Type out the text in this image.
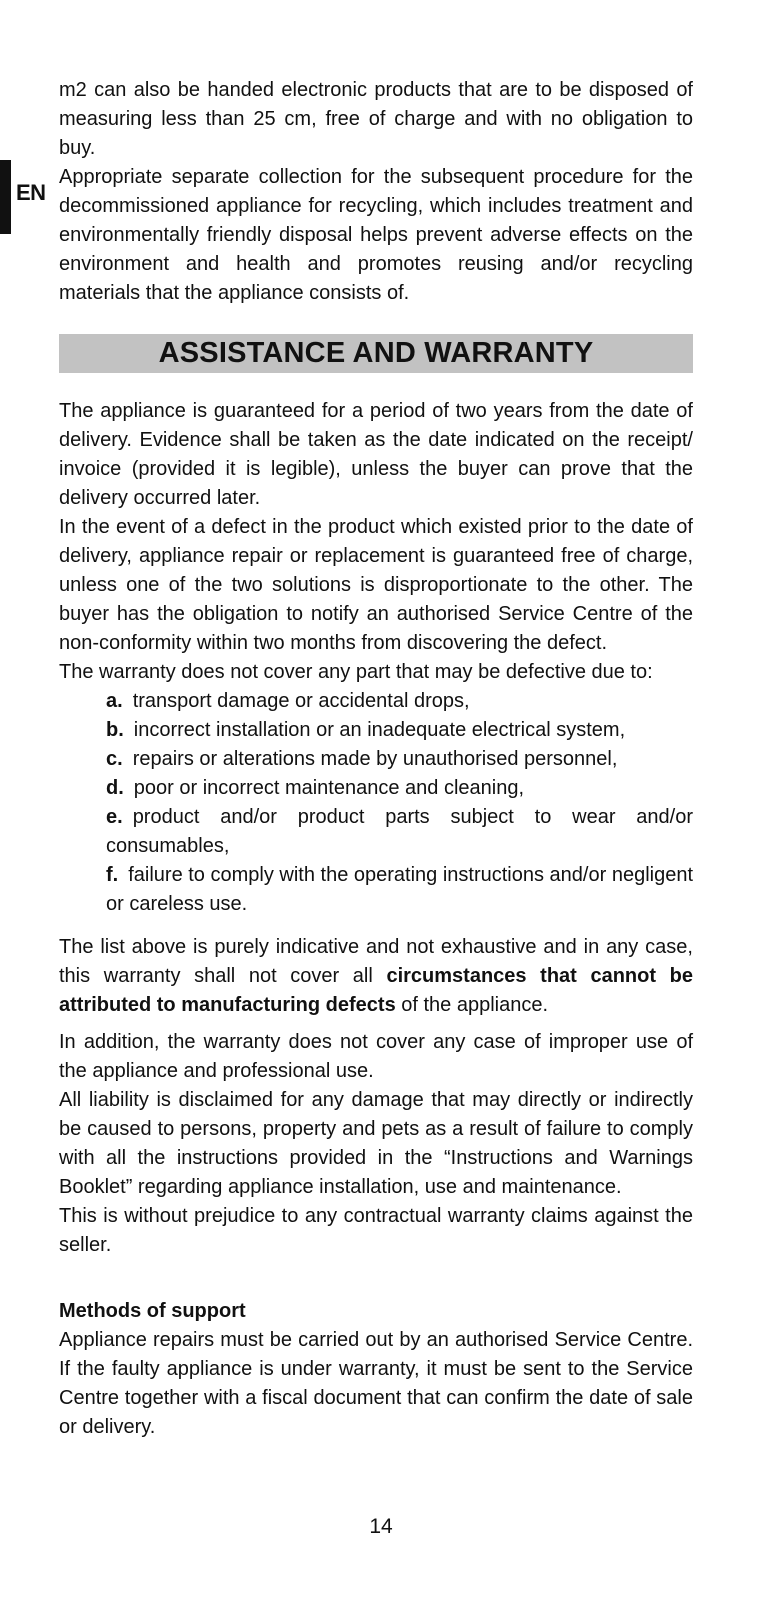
EN

m2 can also be handed electronic products that are to be disposed of measuring less than 25 cm, free of charge and with no obligation to buy.

Appropriate separate collection for the subsequent procedure for the decommissioned appliance for recycling, which includes treatment and environmentally friendly disposal helps prevent adverse effects on the environment and health and promotes reusing and/or recycling materials that the appliance consists of.

ASSISTANCE AND WARRANTY

The appliance is guaranteed for a period of two years from the date of delivery. Evidence shall be taken as the date indicated on the receipt/ invoice (provided it is legible), unless the buyer can prove that the delivery occurred later.

In the event of a defect in the product which existed prior to the date of delivery, appliance repair or replacement is guaranteed free of charge, unless one of the two solutions is disproportionate to the other. The buyer has the obligation to notify an authorised Service Centre of the non-conformity within two months from discovering the defect.

The warranty does not cover any part that may be defective due to:

a. transport damage or accidental drops,
b. incorrect installation or an inadequate electrical system,
c. repairs or alterations made by unauthorised personnel,
d. poor or incorrect maintenance and cleaning,
e. product and/or product parts subject to wear and/or consumables,
f. failure to comply with the operating instructions and/or negligent or careless use.

The list above is purely indicative and not exhaustive and in any case, this warranty shall not cover all circumstances that cannot be attributed to manufacturing defects of the appliance.

In addition, the warranty does not cover any case of improper use of the appliance and professional use.

All liability is disclaimed for any damage that may directly or indirectly be caused to persons, property and pets as a result of failure to comply with all the instructions provided in the “Instructions and Warnings Booklet” regarding appliance installation, use and maintenance.

This is without prejudice to any contractual warranty claims against the seller.

Methods of support

Appliance repairs must be carried out by an authorised Service Centre. If the faulty appliance is under warranty, it must be sent to the Service Centre together with a fiscal document that can confirm the date of sale or delivery.

14
